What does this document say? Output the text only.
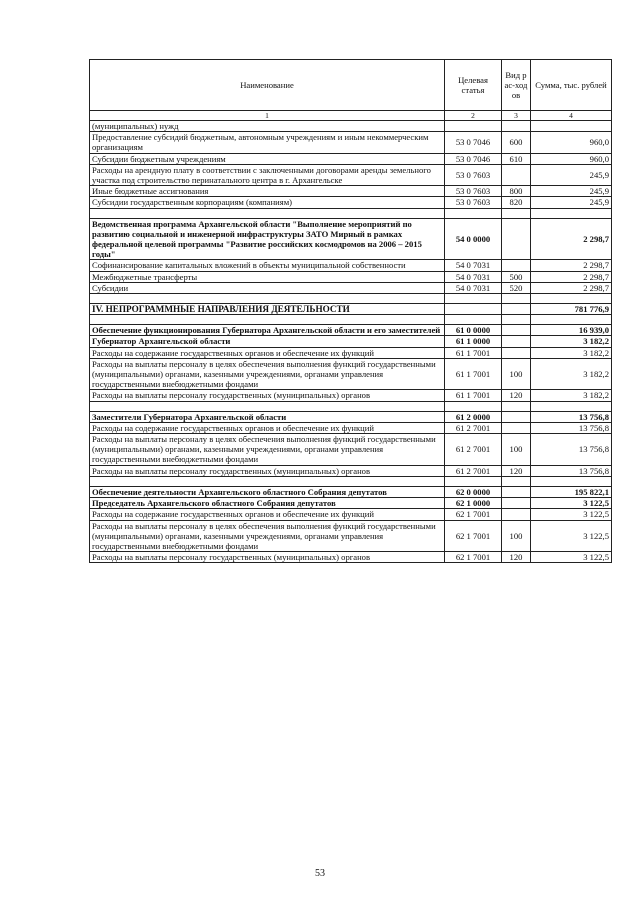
Наименование	Целевая статья	Вид рас-ходов	Сумма, тыс. рублей
1	2	3	4
(муниципальных) нужд			
Предоставление субсидий бюджетным, автономным учреждениям и иным некоммерческим организациям	53 0 7046	600	960,0
Субсидии бюджетным учреждениям	53 0 7046	610	960,0
Расходы на арендную плату в соответствии с заключенными договорами аренды земельного участка под строительство перинатального центра в г. Архангельске	53 0 7603		245,9
Иные бюджетные ассигнования	53 0 7603	800	245,9
Субсидии государственным корпорациям (компаниям)	53 0 7603	820	245,9

Ведомственная программа Архангельской области "Выполнение мероприятий по развитию социальной и инженерной инфраструктуры ЗАТО Мирный в рамках федеральной целевой программы "Развитие российских космодромов на 2006 – 2015 годы"	54 0 0000		2 298,7
Софинансирование капитальных вложений в объекты муниципальной собственности	54 0 7031		2 298,7
Межбюджетные трансферты	54 0 7031	500	2 298,7
Субсидии	54 0 7031	520	2 298,7

IV. НЕПРОГРАММНЫЕ НАПРАВЛЕНИЯ ДЕЯТЕЛЬНОСТИ			781 776,9

Обеспечение функционирования Губернатора Архангельской области и его заместителей	61 0 0000		16 939,0
Губернатор Архангельской области	61 1 0000		3 182,2
Расходы на содержание государственных органов и обеспечение их функций	61 1 7001		3 182,2
Расходы на выплаты персоналу в целях обеспечения выполнения функций государственными (муниципальными) органами, казенными учреждениями, органами управления государственными внебюджетными фондами	61 1 7001	100	3 182,2
Расходы на выплаты персоналу государственных (муниципальных) органов	61 1 7001	120	3 182,2

Заместители Губернатора Архангельской области	61 2 0000		13 756,8
Расходы на содержание государственных органов и обеспечение их функций	61 2 7001		13 756,8
Расходы на выплаты персоналу в целях обеспечения выполнения функций государственными (муниципальными) органами, казенными учреждениями, органами управления государственными внебюджетными фондами	61 2 7001	100	13 756,8
Расходы на выплаты персоналу государственных (муниципальных) органов	61 2 7001	120	13 756,8

Обеспечение деятельности Архангельского областного Собрания депутатов	62 0 0000		195 822,1
Председатель Архангельского областного Собрания депутатов	62 1 0000		3 122,5
Расходы на содержание государственных органов и обеспечение их функций	62 1 7001		3 122,5
Расходы на выплаты персоналу в целях обеспечения выполнения функций государственными (муниципальными) органами, казенными учреждениями, органами управления государственными внебюджетными фондами	62 1 7001	100	3 122,5
Расходы на выплаты персоналу государственных (муниципальных) органов	62 1 7001	120	3 122,5
53
